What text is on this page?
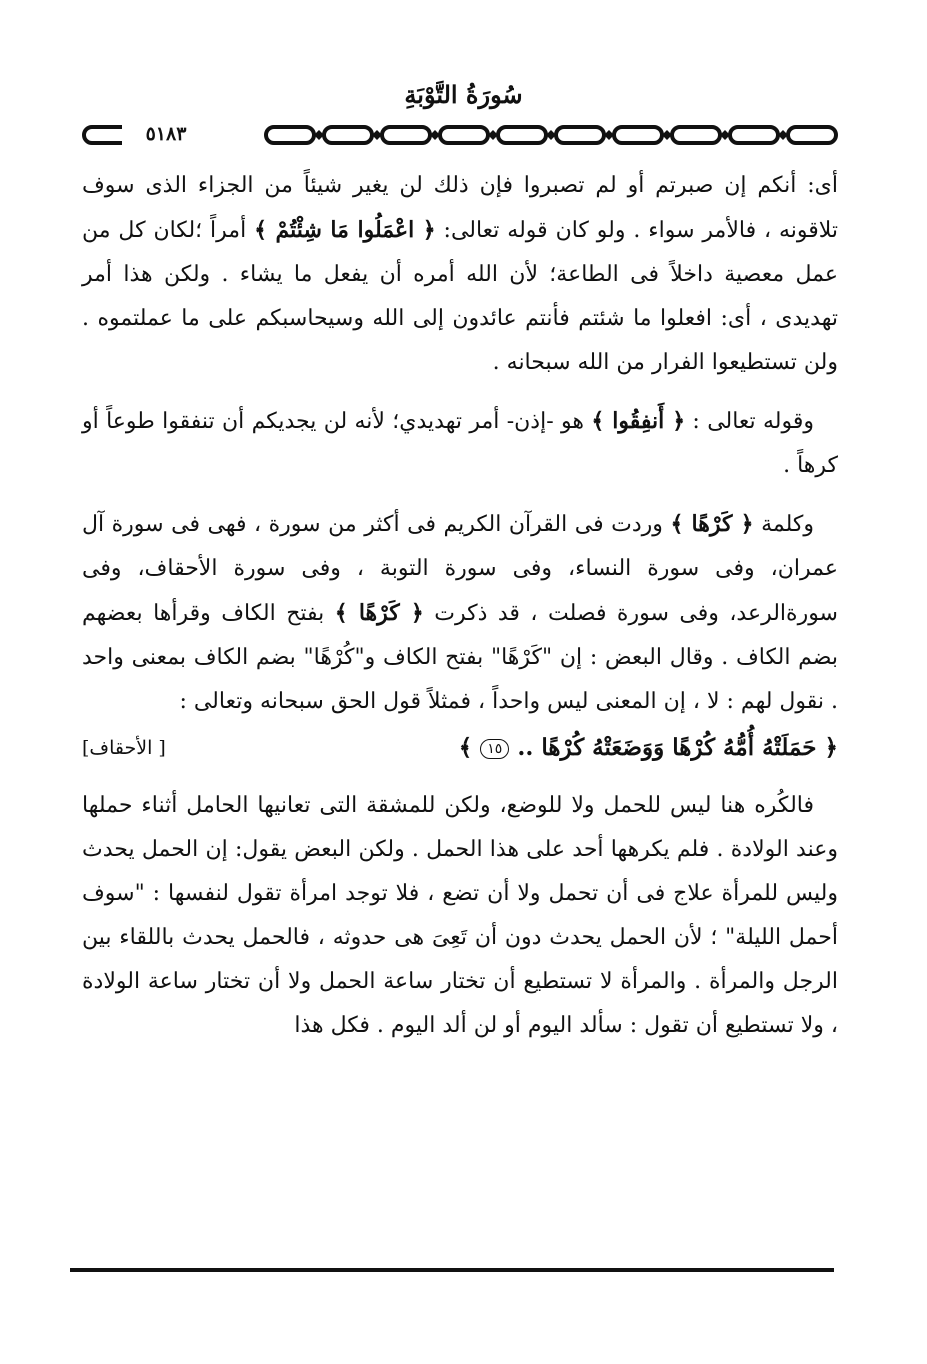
سُورَةُ التَّوْبَةِ
٥١٨٣

أى: أنكم إن صبرتم أو لم تصبروا فإن ذلك لن يغير شيئاً من الجزاء الذى سوف تلاقونه ، فالأمر سواء . ولو كان قوله تعالى: ﴿ اعْمَلُوا مَا شِئْتُمْ ﴾ أمراً ؛لكان كل من عمل معصية داخلاً فى الطاعة؛ لأن الله أمره أن يفعل ما يشاء . ولكن هذا أمر تهديدى ، أى: افعلوا ما شئتم فأنتم عائدون إلى الله وسيحاسبكم على ما عملتموه . ولن تستطيعوا الفرار من الله سبحانه .

وقوله تعالى : ﴿ أَنفِقُوا ﴾ هو -إذن- أمر تهديدي؛ لأنه لن يجديكم أن تنفقوا طوعاً أو كرهاً .

وكلمة ﴿ كَرْهًا ﴾ وردت فى القرآن الكريم فى أكثر من سورة ، فهى فى سورة آل عمران، وفى سورة النساء، وفى سورة التوبة ، وفى سورة الأحقاف، وفى سورةالرعد، وفى سورة فصلت ، قد ذكرت ﴿ كَرْهًا ﴾ بفتح الكاف وقرأها بعضهم بضم الكاف . وقال البعض : إن "كَرْهًا" بفتح الكاف و"كُرْهًا" بضم الكاف بمعنى واحد . نقول لهم : لا ، إن المعنى ليس واحداً ، فمثلاً قول الحق سبحانه وتعالى :

﴿ حَمَلَتْهُ أُمُّهُ كُرْهًا وَوَضَعَتْهُ كُرْهًا .. ١٥ ﴾
[ الأحقاف]

فالكُره هنا ليس للحمل ولا للوضع، ولكن للمشقة التى تعانيها الحامل أثناء حملها وعند الولادة . فلم يكرهها أحد على هذا الحمل . ولكن البعض يقول: إن الحمل يحدث وليس للمرأة علاج فى أن تحمل ولا أن تضع ، فلا توجد امرأة تقول لنفسها : "سوف أحمل الليلة" ؛ لأن الحمل يحدث دون أن تَعِىَ هى حدوثه ، فالحمل يحدث باللقاء بين الرجل والمرأة . والمرأة لا تستطيع أن تختار ساعة الحمل ولا أن تختار ساعة الولادة ، ولا تستطيع أن تقول : سألد اليوم أو لن ألد اليوم . فكل هذا
